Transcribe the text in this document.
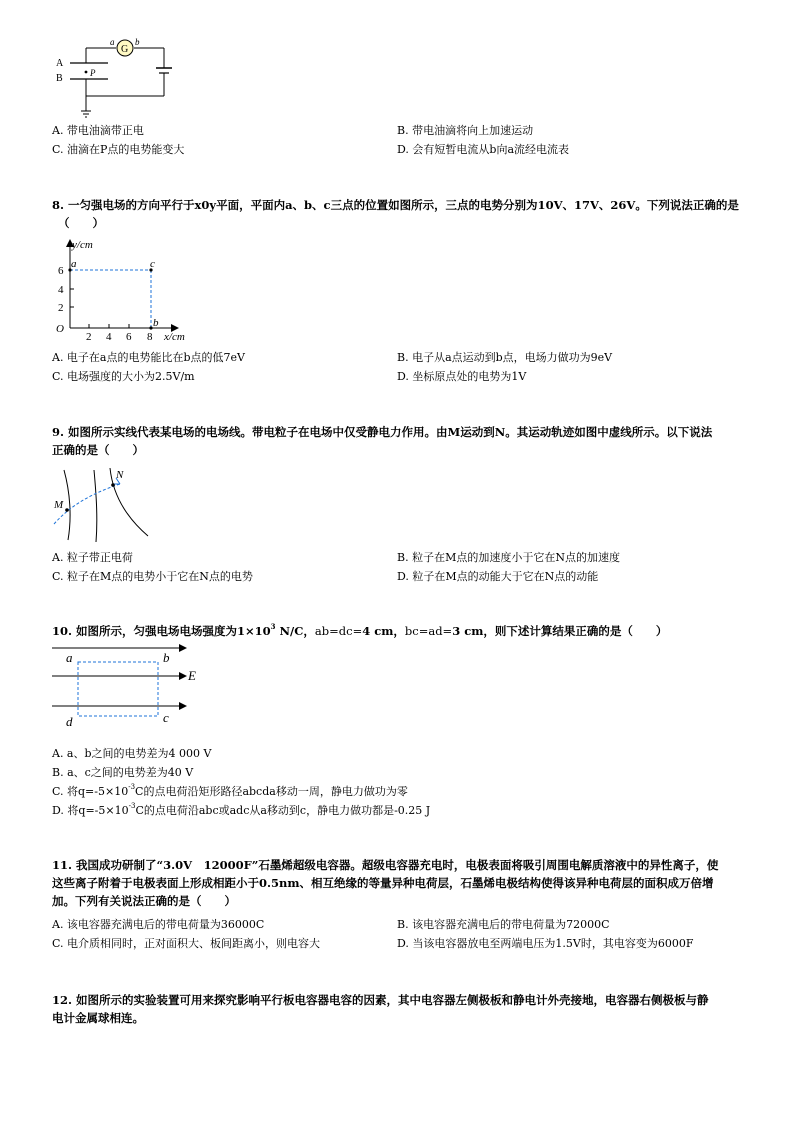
G
a b
A
B	P
A. 带电油滴带正电	B. 带电油滴将向上加速运动
C. 油滴在P点的电势能变大	D. 会有短暂电流从b向a流经电流表
8. 一匀强电场的方向平行于x0y平面，平面内a、b、c三点的位置如图所示，三点的电势分别为10V、17V、26V。下列说法正确的是
（　　）
y/cm
x/cm
O
a	c
b
6
4
2
2 4 6 8
A. 电子在a点的电势能比在b点的低7eV	B. 电子从a点运动到b点，电场力做功为9eV
C. 电场强度的大小为2.5V/m	D. 坐标原点处的电势为1V
9. 如图所示实线代表某电场的电场线。带电粒子在电场中仅受静电力作用。由M运动到N。其运动轨迹如图中虚线所示。以下说法
正确的是（　　）
M
N
A. 粒子带正电荷	B. 粒子在M点的加速度小于它在N点的加速度
C. 粒子在M点的电势小于它在N点的电势	D. 粒子在M点的动能大于它在N点的动能
10. 如图所示，匀强电场电场强度为$1\times 10^3$ N/C，ab=dc=4 cm，bc=ad=3 cm，则下述计算结果正确的是（　　）
a	b
c
d
E
A. a、b之间的电势差为4 000 V
B. a、c之间的电势差为40 V
C. 将$q=-5\times 10^{-3}C$的点电荷沿矩形路径abcda移动一周，静电力做功为零
D. 将$q=-5\times 10^{-3}C$的点电荷沿abc或adc从a移动到c，静电力做功都是-0.25 J
11. 我国成功研制了“3.0V　12000F”石墨烯超级电容器。超级电容器充电时，电极表面将吸引周围电解质溶液中的异性离子，使
这些离子附着于电极表面上形成相距小于0.5nm、相互绝缘的等量异种电荷层，石墨烯电极结构使得该异种电荷层的面积成万倍增
加。下列有关说法正确的是（　　）
A. 该电容器充满电后的带电荷量为36000C	B. 该电容器充满电后的带电荷量为72000C
C. 电介质相同时，正对面积大、板间距离小，则电容大	D. 当该电容器放电至两端电压为1.5V时，其电容变为6000F
12. 如图所示的实验装置可用来探究影响平行板电容器电容的因素，其中电容器左侧极板和静电计外壳接地，电容器右侧极板与静
电计金属球相连。
